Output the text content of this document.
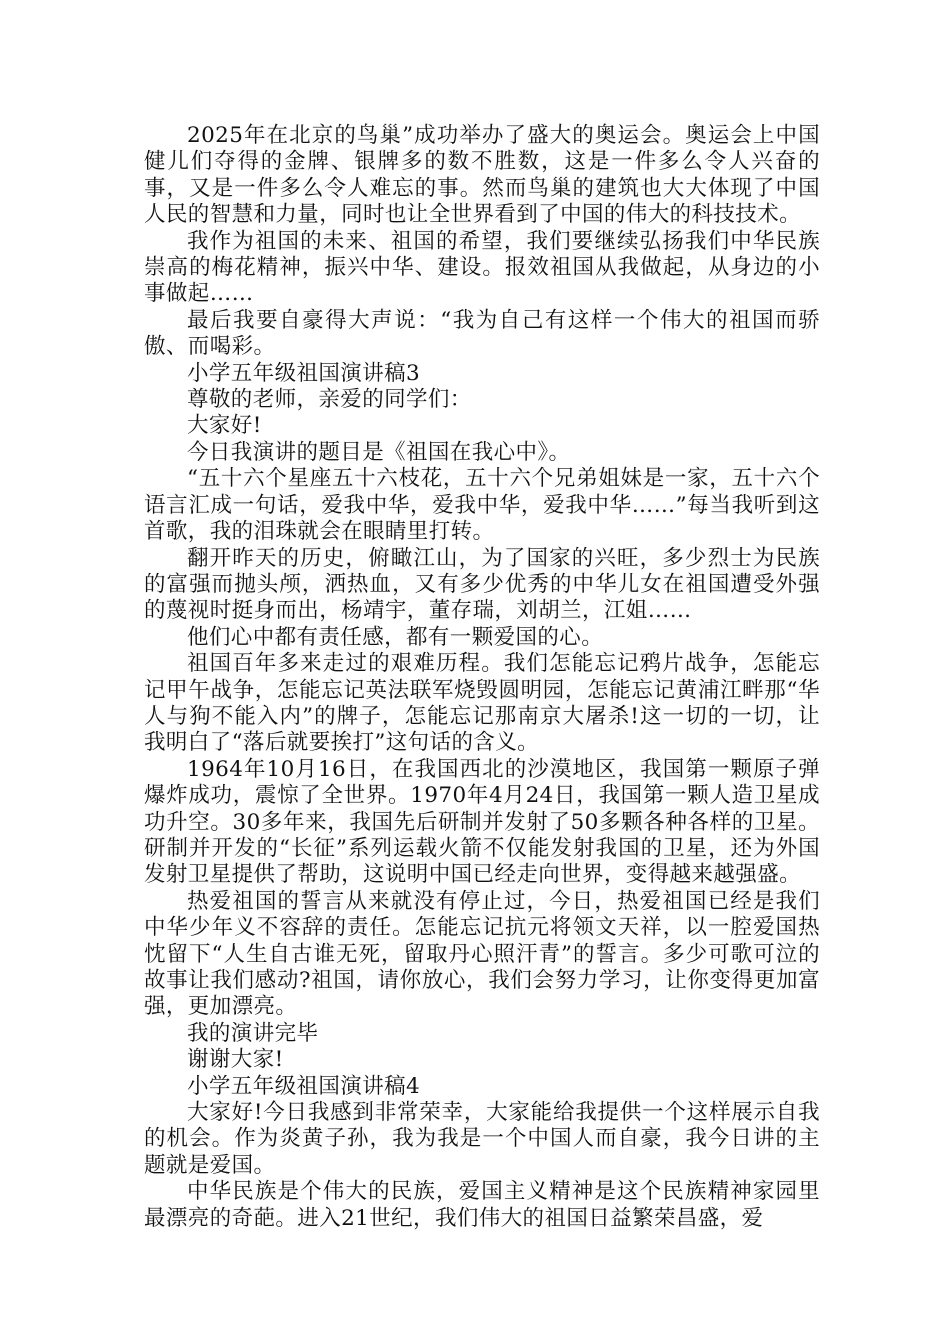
2025年在北京的鸟巢”成功举办了盛大的奥运会。奥运会上中国健儿们夺得的金牌、银牌多的数不胜数，这是一件多么令人兴奋的事，又是一件多么令人难忘的事。然而鸟巢的建筑也大大体现了中国人民的智慧和力量，同时也让全世界看到了中国的伟大的科技技术。

我作为祖国的未来、祖国的希望，我们要继续弘扬我们中华民族崇高的梅花精神，振兴中华、建设。报效祖国从我做起，从身边的小事做起……

最后我要自豪得大声说：“我为自己有这样一个伟大的祖国而骄傲、而喝彩。

小学五年级祖国演讲稿3

尊敬的老师，亲爱的同学们：

大家好!

今日我演讲的题目是《祖国在我心中》。

“五十六个星座五十六枝花，五十六个兄弟姐妹是一家，五十六个语言汇成一句话，爱我中华，爱我中华，爱我中华……”每当我听到这首歌，我的泪珠就会在眼睛里打转。

翻开昨天的历史，俯瞰江山，为了国家的兴旺，多少烈士为民族的富强而抛头颅，洒热血，又有多少优秀的中华儿女在祖国遭受外强的蔑视时挺身而出，杨靖宇，董存瑞，刘胡兰，江姐……

他们心中都有责任感，都有一颗爱国的心。

祖国百年多来走过的艰难历程。我们怎能忘记鸦片战争，怎能忘记甲午战争，怎能忘记英法联军烧毁圆明园，怎能忘记黄浦江畔那“华人与狗不能入内”的牌子，怎能忘记那南京大屠杀!这一切的一切，让我明白了“落后就要挨打”这句话的含义。

1964年10月16日，在我国西北的沙漠地区，我国第一颗原子弹爆炸成功，震惊了全世界。1970年4月24日，我国第一颗人造卫星成功升空。30多年来，我国先后研制并发射了50多颗各种各样的卫星。研制并开发的“长征”系列运载火箭不仅能发射我国的卫星，还为外国发射卫星提供了帮助，这说明中国已经走向世界，变得越来越强盛。

热爱祖国的誓言从来就没有停止过，今日，热爱祖国已经是我们中华少年义不容辞的责任。怎能忘记抗元将领文天祥，以一腔爱国热忱留下“人生自古谁无死，留取丹心照汗青”的誓言。多少可歌可泣的故事让我们感动?祖国，请你放心，我们会努力学习，让你变得更加富强，更加漂亮。

我的演讲完毕

谢谢大家!

小学五年级祖国演讲稿4

大家好!今日我感到非常荣幸，大家能给我提供一个这样展示自我的机会。作为炎黄子孙，我为我是一个中国人而自豪，我今日讲的主题就是爱国。

中华民族是个伟大的民族，爱国主义精神是这个民族精神家园里最漂亮的奇葩。进入21世纪，我们伟大的祖国日益繁荣昌盛，爱
